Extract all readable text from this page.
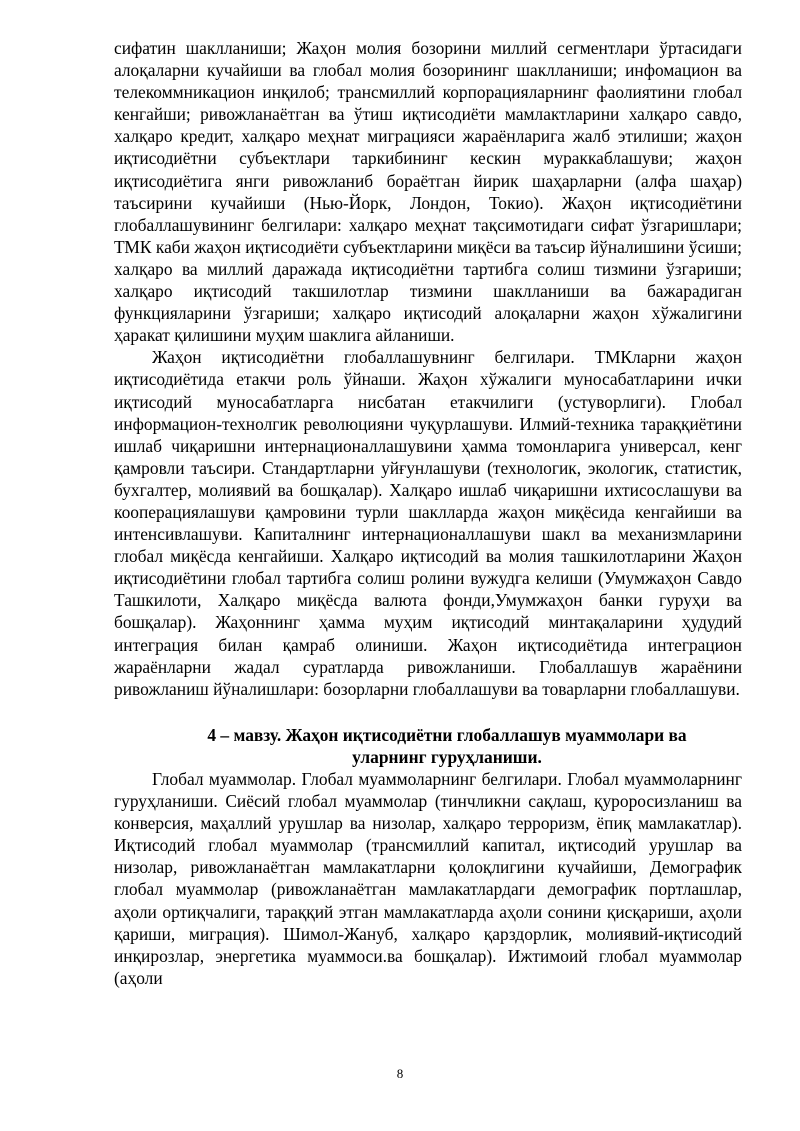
сифатин шаклланиши; Жаҳон молия бозорини миллий сегментлари ўртасидаги алоқаларни кучайиши ва глобал молия бозорининг шаклланиши; инфомацион ва телекоммникацион инқилоб; трансмиллий корпорацияларнинг фаолиятини глобал кенгайши; ривожланаётган ва ўтиш иқтисодиёти мамлактларини халқаро савдо, халқаро кредит, халқаро меҳнат миграцияси жараёнларига жалб этилиши; жаҳон иқтисодиётни субъектлари таркибининг кескин мураккаблашуви; жаҳон иқтисодиётига янги ривожланиб бораётган йирик шаҳарларни (алфа шаҳар) таъсирини кучайиши (Нью-Йорк, Лондон, Токио). Жаҳон иқтисодиётини глобаллашувининг белгилари: халқаро меҳнат тақсимотидаги сифат ўзгаришлари; ТМК каби жаҳон иқтисодиёти субъектларини миқёси ва таъсир йўналишини ўсиши; халқаро ва миллий даражада иқтисодиётни тартибга солиш тизмини ўзгариши; халқаро иқтисодий такшилотлар тизмини шаклланиши ва бажарадиган функцияларини ўзгариши; халқаро иқтисодий алоқаларни жаҳон хўжалигини ҳаракат қилишини муҳим шаклига айланиши.

Жаҳон иқтисодиётни глобаллашувнинг белгилари. ТМКларни жаҳон иқтисодиётида етакчи роль ўйнаши. Жаҳон хўжалиги муносабатларини ички иқтисодий муносабатларга нисбатан етакчилиги (устуворлиги). Глобал информацион-технолгик революцияни чуқурлашуви. Илмий-техника тараққиётини ишлаб чиқаришни интернационаллашувини ҳамма томонларига универсал, кенг қамровли таъсири. Стандартларни уйғунлашуви (технологик, экологик, статистик, бухгалтер, молиявий ва бошқалар). Халқаро ишлаб чиқаришни ихтисослашуви ва кооперациялашуви қамровини турли шаклларда жаҳон миқёсида кенгайиши ва интенсивлашуви. Капиталнинг интернационаллашуви шакл ва механизмларини глобал миқёсда кенгайиши. Халқаро иқтисодий ва молия ташкилотларини Жаҳон иқтисодиётини глобал тартибга солиш ролини вужудга келиши (Умумжаҳон Савдо Ташкилоти, Халқаро миқёсда валюта фонди,Умумжаҳон банки гуруҳи ва бошқалар). Жаҳоннинг ҳамма муҳим иқтисодий минтақаларини ҳудудий интеграция билан қамраб олиниши. Жаҳон иқтисодиётида интеграцион жараёнларни жадал суратларда ривожланиши. Глобаллашув жараёнини ривожланиш йўналишлари: бозорларни глобаллашуви ва товарларни глобаллашуви.

4 – мавзу. Жаҳон иқтисодиётни глобаллашув муаммолари ва
уларнинг гуруҳланиши.

Глобал муаммолар. Глобал муаммоларнинг белгилари. Глобал муаммоларнинг гуруҳланиши. Сиёсий глобал муаммолар (тинчликни сақлаш, қуроросизланиш ва конверсия, маҳаллий урушлар ва низолар, халқаро терроризм, ёпиқ мамлакатлар). Иқтисодий глобал муаммолар (трансмиллий капитал, иқтисодий урушлар ва низолар, ривожланаётган мамлакатларни қолоқлигини кучайиши, Демографик глобал муаммолар (ривожланаётган мамлакатлардаги демографик портлашлар, аҳоли ортиқчалиги, тараққий этган мамлакатларда аҳоли сонини қисқариши, аҳоли қариши, миграция). Шимол-Жануб, халқаро қарздорлик, молиявий-иқтисодий инқирозлар, энергетика муаммоси.ва бошқалар). Ижтимоий глобал муаммолар (аҳоли

8
